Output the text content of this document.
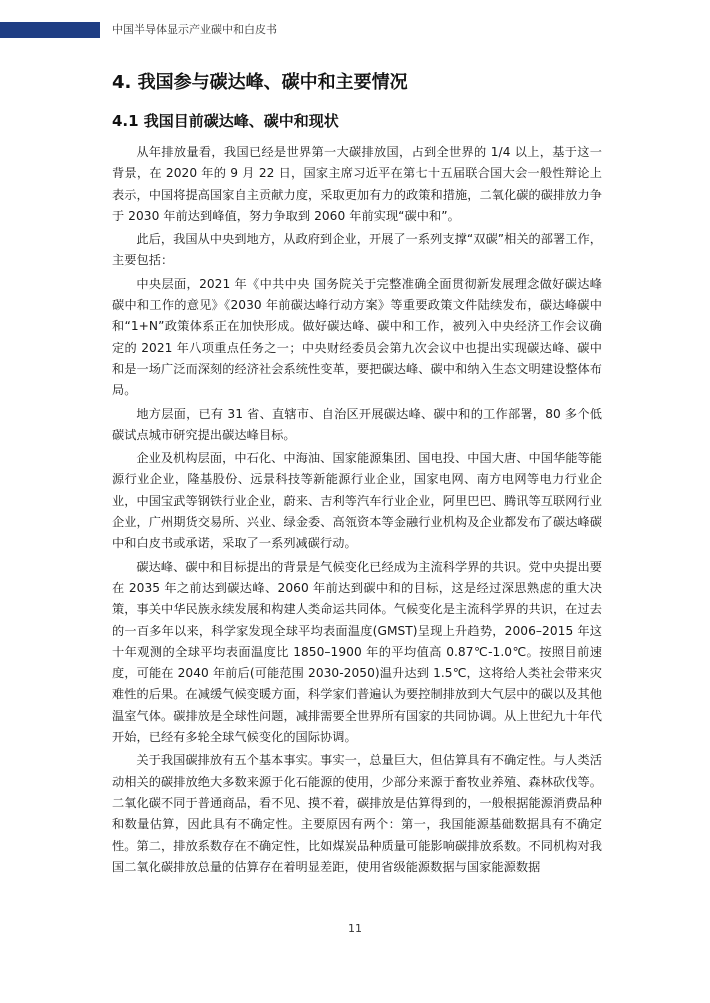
中国半导体显示产业碳中和白皮书
4. 我国参与碳达峰、碳中和主要情况
4.1 我国目前碳达峰、碳中和现状

从年排放量看，我国已经是世界第一大碳排放国，占到全世界的 1/4 以上，基于这一背景，在 2020 年的 9 月 22 日，国家主席习近平在第七十五届联合国大会一般性辩论上表示，中国将提高国家自主贡献力度，采取更加有力的政策和措施，二氧化碳的碳排放力争于 2030 年前达到峰值，努力争取到 2060 年前实现“碳中和”。

此后，我国从中央到地方，从政府到企业，开展了一系列支撑“双碳”相关的部署工作，主要包括：

中央层面，2021 年《中共中央 国务院关于完整准确全面贯彻新发展理念做好碳达峰碳中和工作的意见》《2030 年前碳达峰行动方案》等重要政策文件陆续发布，碳达峰碳中和“1+N”政策体系正在加快形成。做好碳达峰、碳中和工作，被列入中央经济工作会议确定的 2021 年八项重点任务之一；中央财经委员会第九次会议中也提出实现碳达峰、碳中和是一场广泛而深刻的经济社会系统性变革，要把碳达峰、碳中和纳入生态文明建设整体布局。

地方层面，已有 31 省、直辖市、自治区开展碳达峰、碳中和的工作部署，80 多个低碳试点城市研究提出碳达峰目标。

企业及机构层面，中石化、中海油、国家能源集团、国电投、中国大唐、中国华能等能源行业企业，隆基股份、远景科技等新能源行业企业，国家电网、南方电网等电力行业企业，中国宝武等钢铁行业企业，蔚来、吉利等汽车行业企业，阿里巴巴、腾讯等互联网行业企业，广州期货交易所、兴业、绿金委、高瓴资本等金融行业机构及企业都发布了碳达峰碳中和白皮书或承诺，采取了一系列减碳行动。

碳达峰、碳中和目标提出的背景是气候变化已经成为主流科学界的共识。党中央提出要在 2035 年之前达到碳达峰、2060 年前达到碳中和的目标，这是经过深思熟虑的重大决策，事关中华民族永续发展和构建人类命运共同体。气候变化是主流科学界的共识，在过去的一百多年以来，科学家发现全球平均表面温度(GMST)呈现上升趋势，2006–2015 年这十年观测的全球平均表面温度比 1850–1900 年的平均值高 0.87℃-1.0℃。按照目前速度，可能在 2040 年前后(可能范围 2030-2050)温升达到 1.5℃，这将给人类社会带来灾难性的后果。在减缓气候变暖方面，科学家们普遍认为要控制排放到大气层中的碳以及其他温室气体。碳排放是全球性问题，减排需要全世界所有国家的共同协调。从上世纪九十年代开始，已经有多轮全球气候变化的国际协调。

关于我国碳排放有五个基本事实。事实一，总量巨大，但估算具有不确定性。与人类活动相关的碳排放绝大多数来源于化石能源的使用，少部分来源于畜牧业养殖、森林砍伐等。二氧化碳不同于普通商品，看不见、摸不着，碳排放是估算得到的，一般根据能源消费品种和数量估算，因此具有不确定性。主要原因有两个：第一，我国能源基础数据具有不确定性。第二，排放系数存在不确定性，比如煤炭品种质量可能影响碳排放系数。不同机构对我国二氧化碳排放总量的估算存在着明显差距，使用省级能源数据与国家能源数据

11
